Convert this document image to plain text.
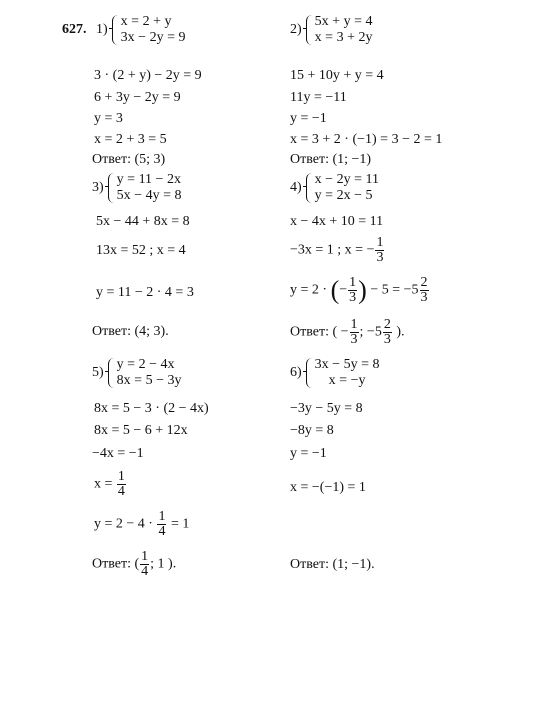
627. 1)
x = 2 + y
3x − 2y = 9
3 · (2 + y) − 2y = 9
6 + 3y − 2y = 9
y = 3
x = 2 + 3 = 5
Ответ: (5; 3)
3)
y = 11 − 2x
5x − 4y = 8
5x − 44 + 8x = 8
13x = 52 ; x = 4
y = 11 − 2 · 4 = 3
Ответ: (4; 3).
5)
y = 2 − 4x
8x = 5 − 3y
8x = 5 − 3 · (2 − 4x)
8x = 5 − 6 + 12x
−4x = −1
$x = \frac{1}{4}$
$y = 2 - 4 \cdot \frac{1}{4} = 1$
Ответ: ( $\frac{1}{4}$ ; 1 ).
2)
5x + y = 4
x = 3 + 2y
15 + 10y + y = 4
11y = −11
y = −1
x = 3 + 2 · (−1) = 3 − 2 = 1
Ответ: (1; −1)
4)
x − 2y = 11
y = 2x − 5
x − 4x + 10 = 11
−3x = 1 ; x = − $\frac{1}{3}$
y = 2 · (− $\frac{1}{3}$ ) − $5 = -5 \frac{2}{3}$
Ответ: ( − $\frac{1}{3}$ ; $-5 \frac{2}{3}$ ).
6)
3x − 5y = 8
x = −y
−3y − 5y = 8
−8y = 8
y = −1
x = −(−1) = 1
Ответ: (1; −1).
